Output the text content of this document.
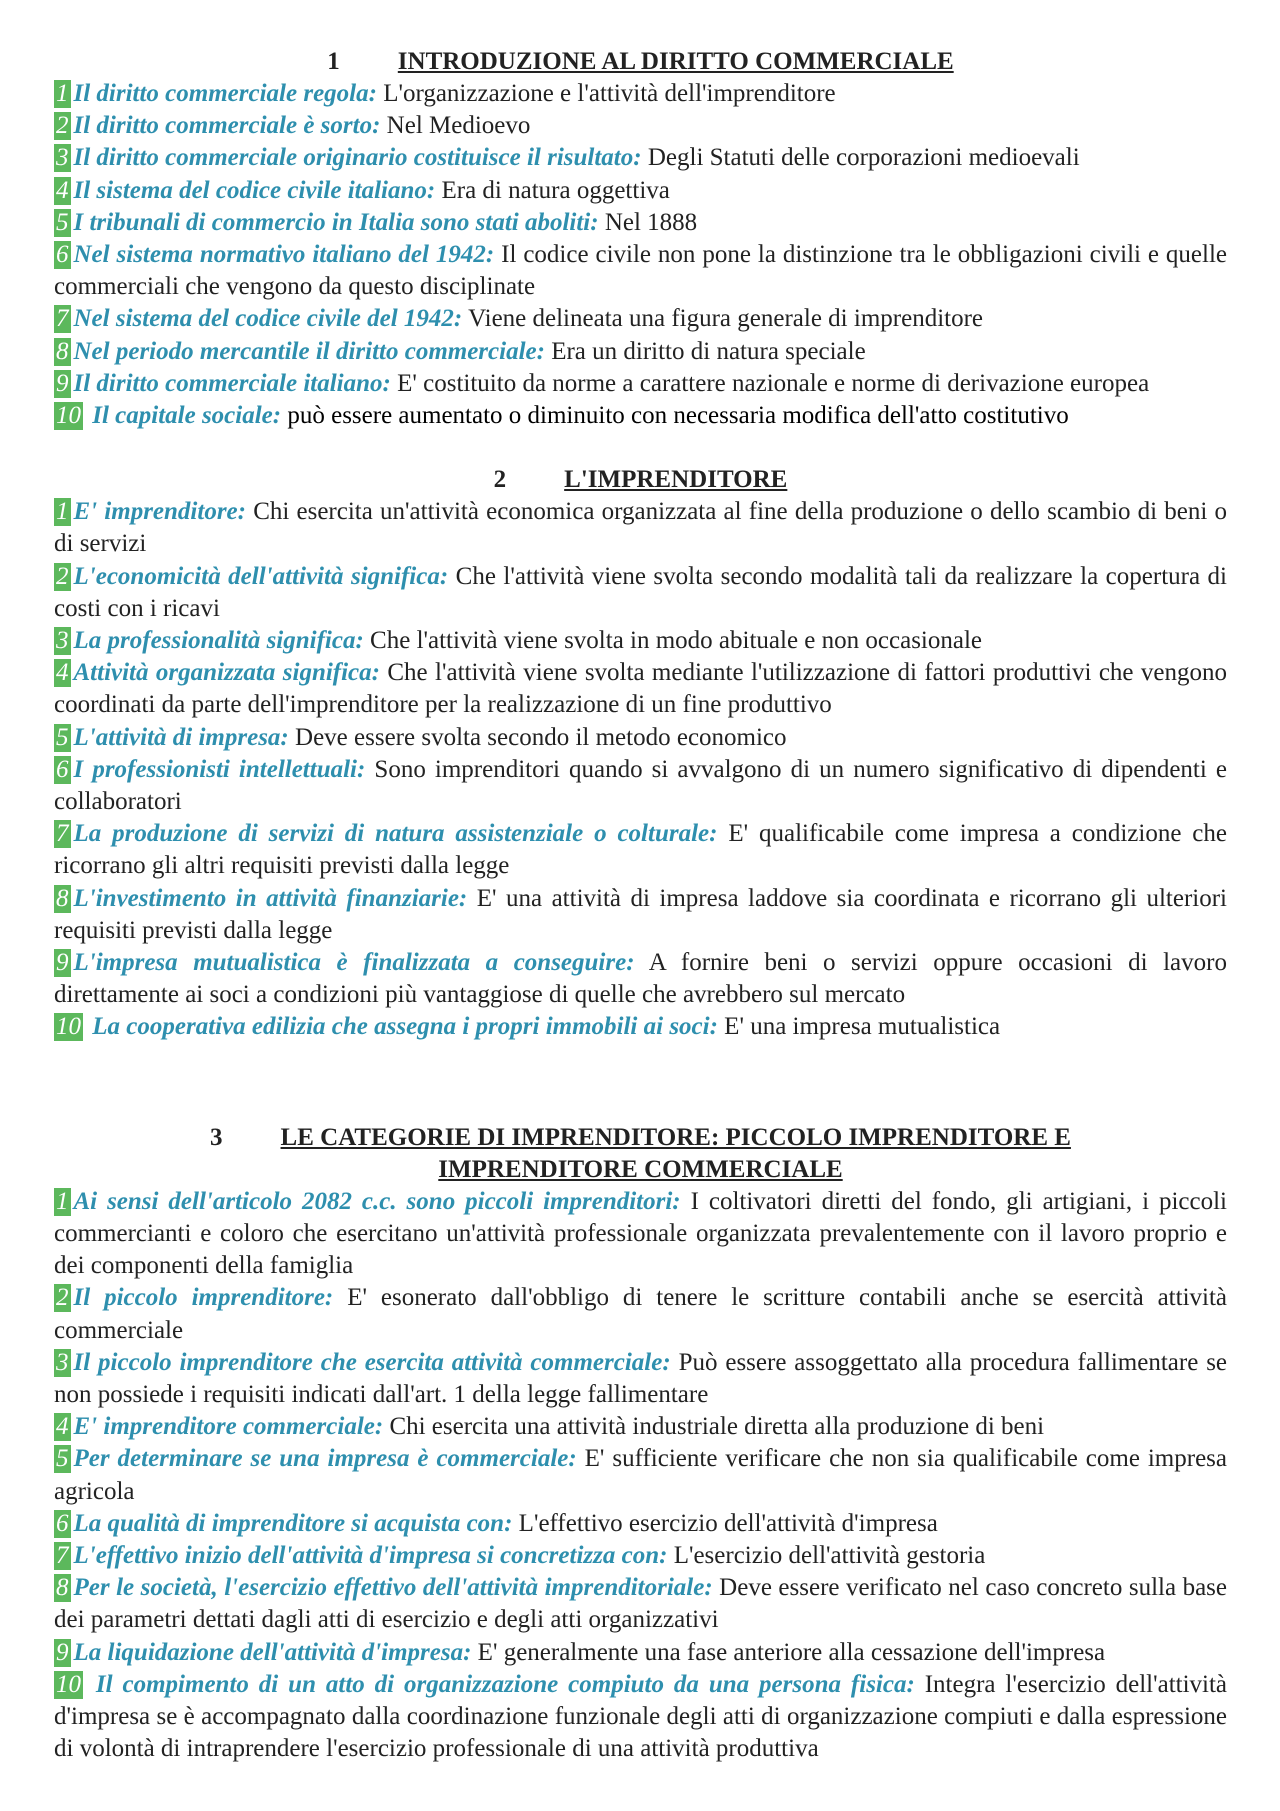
1 INTRODUZIONE AL DIRITTO COMMERCIALE

1 Il diritto commerciale regola: L'organizzazione e l'attività dell'imprenditore

2 Il diritto commerciale è sorto: Nel Medioevo

3 Il diritto commerciale originario costituisce il risultato: Degli Statuti delle corporazioni medioevali

4 Il sistema del codice civile italiano: Era di natura oggettiva

5 I tribunali di commercio in Italia sono stati aboliti: Nel 1888

6 Nel sistema normativo italiano del 1942: Il codice civile non pone la distinzione tra le obbligazioni civili e quelle commerciali che vengono da questo disciplinate

7 Nel sistema del codice civile del 1942: Viene delineata una figura generale di imprenditore

8 Nel periodo mercantile il diritto commerciale: Era un diritto di natura speciale

9 Il diritto commerciale italiano: E' costituito da norme a carattere nazionale e norme di derivazione europea

10 Il capitale sociale: può essere aumentato o diminuito con necessaria modifica dell'atto costitutivo

2 L'IMPRENDITORE

1 E' imprenditore: Chi esercita un'attività economica organizzata al fine della produzione o dello scambio di beni o di servizi

2 L'economicità dell'attività significa: Che l'attività viene svolta secondo modalità tali da realizzare la copertura di costi con i ricavi

3 La professionalità significa: Che l'attività viene svolta in modo abituale e non occasionale

4 Attività organizzata significa: Che l'attività viene svolta mediante l'utilizzazione di fattori produttivi che vengono coordinati da parte dell'imprenditore per la realizzazione di un fine produttivo

5 L'attività di impresa: Deve essere svolta secondo il metodo economico

6 I professionisti intellettuali: Sono imprenditori quando si avvalgono di un numero significativo di dipendenti e collaboratori

7 La produzione di servizi di natura assistenziale o colturale: E' qualificabile come impresa a condizione che ricorrano gli altri requisiti previsti dalla legge

8 L'investimento in attività finanziarie: E' una attività di impresa laddove sia coordinata e ricorrano gli ulteriori requisiti previsti dalla legge

9 L'impresa mutualistica è finalizzata a conseguire: A fornire beni o servizi oppure occasioni di lavoro direttamente ai soci a condizioni più vantaggiose di quelle che avrebbero sul mercato

10 La cooperativa edilizia che assegna i propri immobili ai soci: E' una impresa mutualistica

3 LE CATEGORIE DI IMPRENDITORE: PICCOLO IMPRENDITORE E IMPRENDITORE COMMERCIALE

1 Ai sensi dell'articolo 2082 c.c. sono piccoli imprenditori: I coltivatori diretti del fondo, gli artigiani, i piccoli commercianti e coloro che esercitano un'attività professionale organizzata prevalentemente con il lavoro proprio e dei componenti della famiglia

2 Il piccolo imprenditore: E' esonerato dall'obbligo di tenere le scritture contabili anche se esercità attività commerciale

3 Il piccolo imprenditore che esercita attività commerciale: Può essere assoggettato alla procedura fallimentare se non possiede i requisiti indicati dall'art. 1 della legge fallimentare

4 E' imprenditore commerciale: Chi esercita una attività industriale diretta alla produzione di beni

5 Per determinare se una impresa è commerciale: E' sufficiente verificare che non sia qualificabile come impresa agricola

6 La qualità di imprenditore si acquista con: L'effettivo esercizio dell'attività d'impresa

7 L'effettivo inizio dell'attività d'impresa si concretizza con: L'esercizio dell'attività gestoria

8 Per le società, l'esercizio effettivo dell'attività imprenditoriale: Deve essere verificato nel caso concreto sulla base dei parametri dettati dagli atti di esercizio e degli atti organizzativi

9 La liquidazione dell'attività d'impresa: E' generalmente una fase anteriore alla cessazione dell'impresa

10 Il compimento di un atto di organizzazione compiuto da una persona fisica: Integra l'esercizio dell'attività d'impresa se è accompagnato dalla coordinazione funzionale degli atti di organizzazione compiuti e dalla espressione di volontà di intraprendere l'esercizio professionale di una attività produttiva
